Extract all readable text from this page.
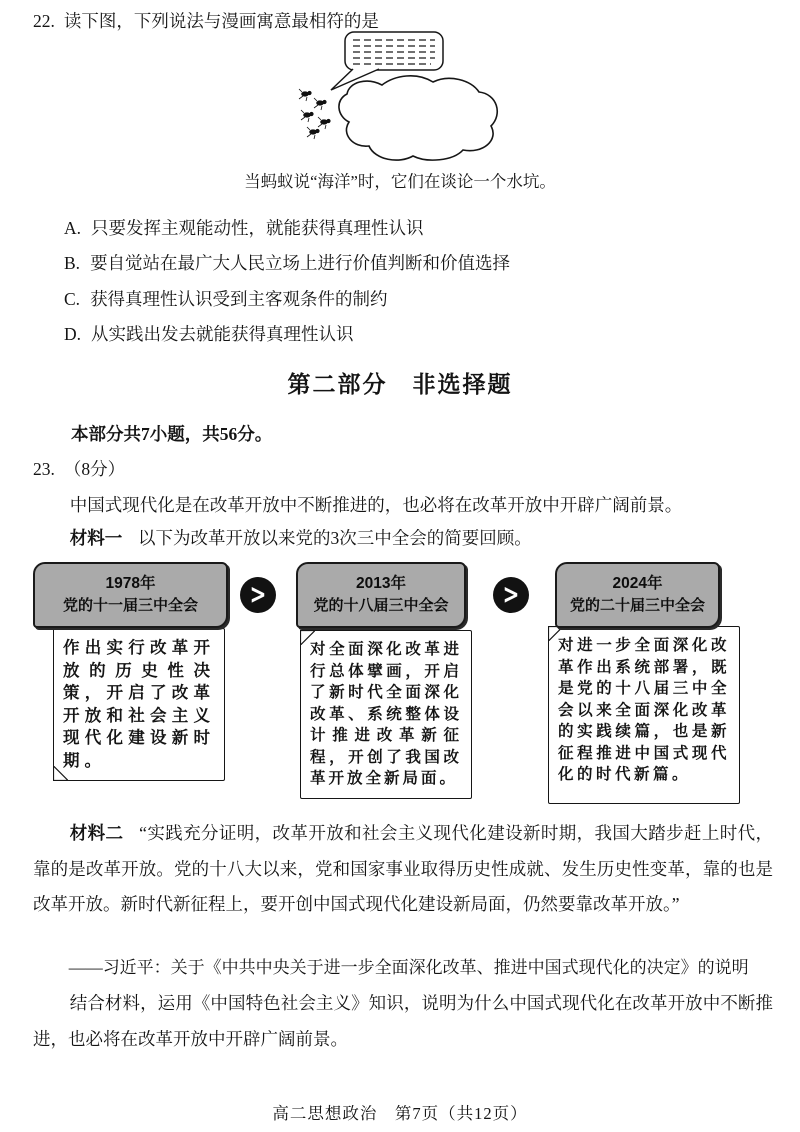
22. 读下图，下列说法与漫画寓意最相符的是
当蚂蚁说“海洋”时，它们在谈论一个水坑。
A. 只要发挥主观能动性，就能获得真理性认识
B. 要自觉站在最广大人民立场上进行价值判断和价值选择
C. 获得真理性认识受到主客观条件的制约
D. 从实践出发去就能获得真理性认识
第二部分　非选择题
本部分共7小题，共56分。
23. （8分）

中国式现代化是在改革开放中不断推进的，也必将在改革开放中开辟广阔前景。

材料一 以下为改革开放以来党的3次三中全会的简要回顾。

1978年
党的十一届三中全会
作出实行改革开放的历史性决策，开启了改革开放和社会主义现代化建设新时期。
>	2013年
党的十八届三中全会
对全面深化改革进行总体擘画，开启了新时代全面深化改革、系统整体设计推进改革新征程，开创了我国改革开放全新局面。
>	2024年
党的二十届三中全会
对进一步全面深化改革作出系统部署，既是党的十八届三中全会以来全面深化改革的实践续篇，也是新征程推进中国式现代化的时代新篇。

材料二 “实践充分证明，改革开放和社会主义现代化建设新时期，我国大踏步赶上时代，靠的是改革开放。党的十八大以来，党和国家事业取得历史性成就、发生历史性变革，靠的也是改革开放。新时代新征程上，要开创中国式现代化建设新局面，仍然要靠改革开放。”

——习近平：关于《中共中央关于进一步全面深化改革、推进中国式现代化的决定》的说明

结合材料，运用《中国特色社会主义》知识，说明为什么中国式现代化在改革开放中不断推进，也必将在改革开放中开辟广阔前景。

高二思想政治　第7页（共12页）
